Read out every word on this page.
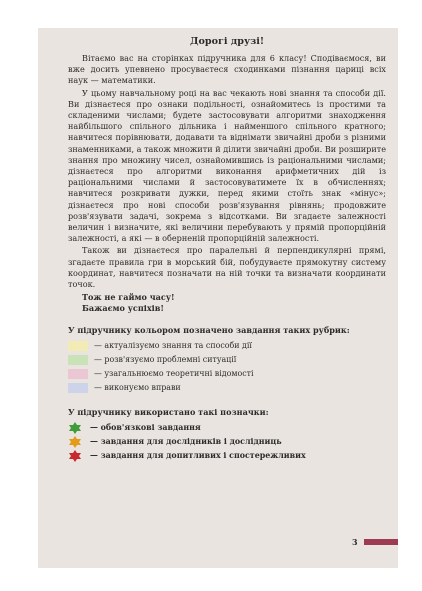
Дорогі друзі!

Вітаємо вас на сторінках підручника для 6 класу! Сподіваємося, ви вже досить упевнено просуваєтеся сходинками пізнання цариці всіх наук — математики.

У цьому навчальному році на вас чекають нові знання та способи дії. Ви дізнаєтеся про ознаки подільності, ознайомитесь із простими та складеними числами; будете застосовувати алгоритми знаходження найбільшого спільного дільника і найменшого спільного кратного; навчитеся порівнювати, додавати та віднімати звичайні дроби з різними знаменниками, а також множити й ділити звичайні дроби. Ви розширите знання про множину чисел, ознайомившись із раціональними числами; дізнаєтеся про алгоритми виконання арифметичних дій із раціональними числами й застосовуватимете їх в обчисленнях; навчитеся розкривати дужки, перед якими стоїть знак «мінус»; дізнаєтеся про нові способи розв'язування рівнянь; продовжите розв'язувати задачі, зокрема з відсотками. Ви згадаєте залежності величин і визначите, які величини перебувають у прямій пропорційній залежності, а які — в оберненій пропорційній залежності.

Також ви дізнаєтеся про паралельні й перпендикулярні прямі, згадаєте правила гри в морський бій, побудуваєте прямокутну систему координат, навчитеся позначати на ній точки та визначати координати точок.

Тож не гаймо часу!
Бажаємо успіхів!
У підручнику кольором позначено завдання таких рубрик:
— актуалізуємо знання та способи дії
— розв'язуємо проблемні ситуації
— узагальнюємо теоретичні відомості
— виконуємо вправи
У підручнику використано такі позначки:
— обов'язкові завдання
— завдання для дослідників і дослідниць
— завдання для допитливих і спостережливих
3
